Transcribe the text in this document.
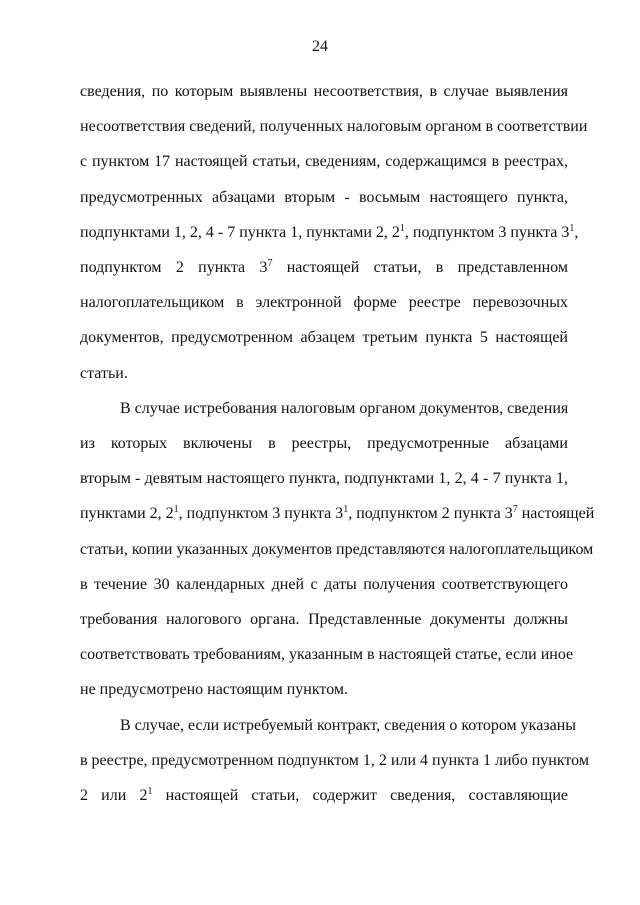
24
сведения, по которым выявлены несоответствия, в случае выявления
несоответствия сведений, полученных налоговым органом в соответствии
с пунктом 17 настоящей статьи, сведениям, содержащимся в реестрах,
предусмотренных абзацами вторым - восьмым настоящего пункта,
подпунктами 1, 2, 4 - 7 пункта 1, пунктами 2, $2^1$, подпунктом 3 пункта $3^1$,
подпунктом 2 пункта $3^7$ настоящей статьи, в представленном
налогоплательщиком в электронной форме реестре перевозочных
документов, предусмотренном абзацем третьим пункта 5 настоящей
статьи.
В случае истребования налоговым органом документов, сведения
из которых включены в реестры, предусмотренные абзацами
вторым - девятым настоящего пункта, подпунктами 1, 2, 4 - 7 пункта 1,
пунктами 2, $2^1$, подпунктом 3 пункта $3^1$, подпунктом 2 пункта $3^7$ настоящей
статьи, копии указанных документов представляются налогоплательщиком
в течение 30 календарных дней с даты получения соответствующего
требования налогового органа. Представленные документы должны
соответствовать требованиям, указанным в настоящей статье, если иное
не предусмотрено настоящим пунктом.
В случае, если истребуемый контракт, сведения о котором указаны
в реестре, предусмотренном подпунктом 1, 2 или 4 пункта 1 либо пунктом
2 или $2^1$ настоящей статьи, содержит сведения, составляющие
